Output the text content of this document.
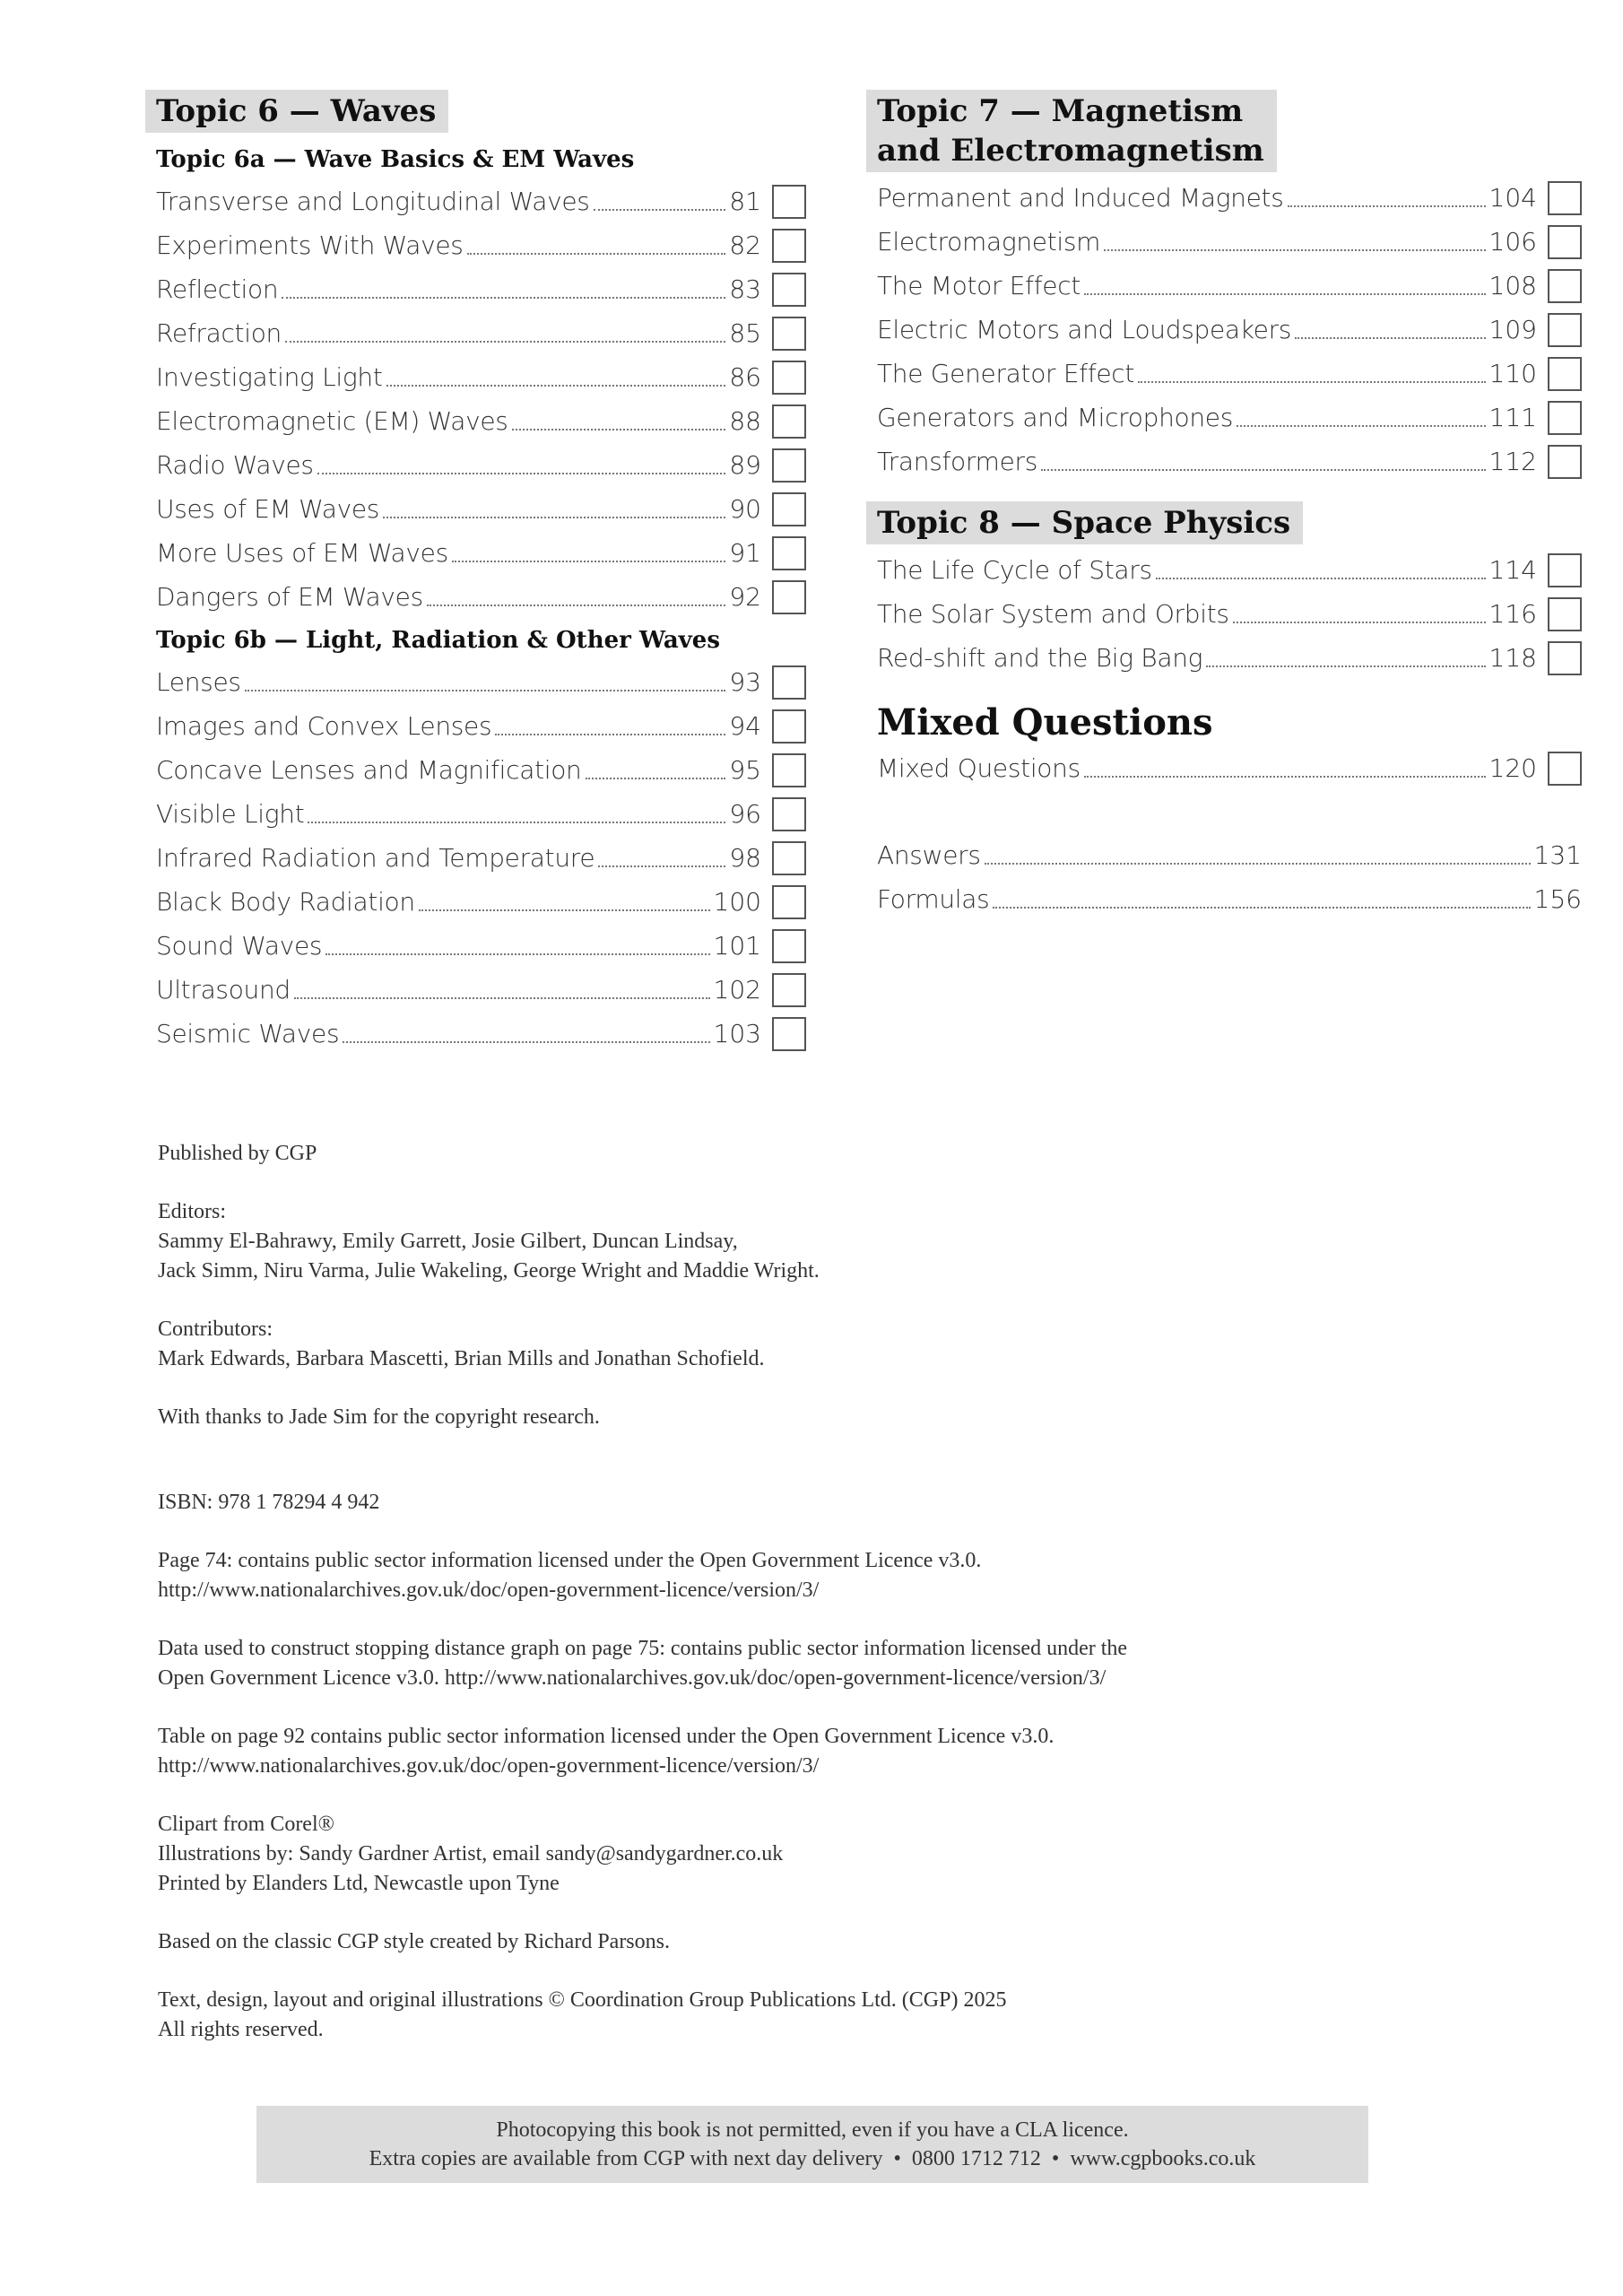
Topic 6 — Waves
Topic 6a — Wave Basics & EM Waves
Transverse and Longitudinal Waves	81
Experiments With Waves	82
Reflection	83
Refraction	85
Investigating Light	86
Electromagnetic (EM) Waves	88
Radio Waves	89
Uses of EM Waves	90
More Uses of EM Waves	91
Dangers of EM Waves	92
Topic 6b — Light, Radiation & Other Waves
Lenses	93
Images and Convex Lenses	94
Concave Lenses and Magnification	95
Visible Light	96
Infrared Radiation and Temperature	98
Black Body Radiation	100
Sound Waves	101
Ultrasound	102
Seismic Waves	103
Topic 7 — Magnetism
and Electromagnetism
Permanent and Induced Magnets	104
Electromagnetism	106
The Motor Effect	108
Electric Motors and Loudspeakers	109
The Generator Effect	110
Generators and Microphones	111
Transformers	112
Topic 8 — Space Physics
The Life Cycle of Stars	114
The Solar System and Orbits	116
Red-shift and the Big Bang	118
Mixed Questions
Mixed Questions	120
Answers	131
Formulas	156

Published by CGP

Editors:
Sammy El-Bahrawy, Emily Garrett, Josie Gilbert, Duncan Lindsay,
Jack Simm, Niru Varma, Julie Wakeling, George Wright and Maddie Wright.

Contributors:
Mark Edwards, Barbara Mascetti, Brian Mills and Jonathan Schofield.

With thanks to Jade Sim for the copyright research.

ISBN: 978 1 78294 4 942

Page 74: contains public sector information licensed under the Open Government Licence v3.0.
http://www.nationalarchives.gov.uk/doc/open-government-licence/version/3/

Data used to construct stopping distance graph on page 75: contains public sector information licensed under the
Open Government Licence v3.0. http://www.nationalarchives.gov.uk/doc/open-government-licence/version/3/

Table on page 92 contains public sector information licensed under the Open Government Licence v3.0.
http://www.nationalarchives.gov.uk/doc/open-government-licence/version/3/

Clipart from Corel®
Illustrations by: Sandy Gardner Artist, email sandy@sandygardner.co.uk
Printed by Elanders Ltd, Newcastle upon Tyne

Based on the classic CGP style created by Richard Parsons.

Text, design, layout and original illustrations © Coordination Group Publications Ltd. (CGP) 2025
All rights reserved.

Photocopying this book is not permitted, even if you have a CLA licence.
Extra copies are available from CGP with next day delivery  •  0800 1712 712  •  www.cgpbooks.co.uk
